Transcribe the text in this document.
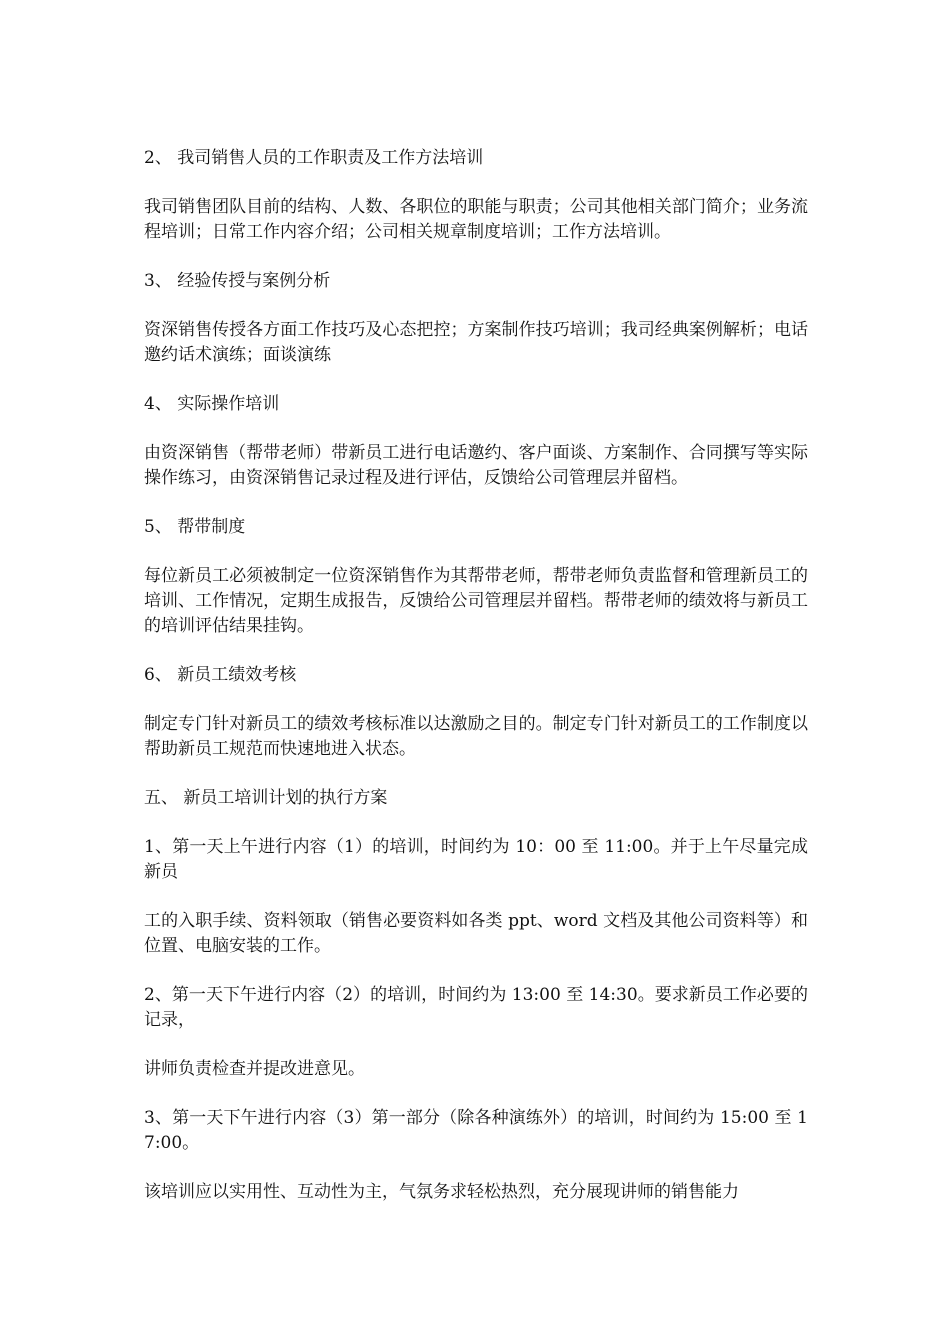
2、 我司销售人员的工作职责及工作方法培训

我司销售团队目前的结构、人数、各职位的职能与职责；公司其他相关部门简介；业务流程培训；日常工作内容介绍；公司相关规章制度培训；工作方法培训。

3、 经验传授与案例分析

资深销售传授各方面工作技巧及心态把控；方案制作技巧培训；我司经典案例解析；电话邀约话术演练；面谈演练

4、 实际操作培训

由资深销售（帮带老师）带新员工进行电话邀约、客户面谈、方案制作、合同撰写等实际操作练习，由资深销售记录过程及进行评估，反馈给公司管理层并留档。

5、 帮带制度

每位新员工必须被制定一位资深销售作为其帮带老师，帮带老师负责监督和管理新员工的培训、工作情况，定期生成报告，反馈给公司管理层并留档。帮带老师的绩效将与新员工的培训评估结果挂钩。

6、 新员工绩效考核

制定专门针对新员工的绩效考核标准以达激励之目的。制定专门针对新员工的工作制度以帮助新员工规范而快速地进入状态。

五、 新员工培训计划的执行方案

1、第一天上午进行内容（1）的培训，时间约为 10：00 至 11:00。并于上午尽量完成新员

工的入职手续、资料领取（销售必要资料如各类 ppt、word 文档及其他公司资料等）和位置、电脑安装的工作。

2、第一天下午进行内容（2）的培训，时间约为 13:00 至 14:30。要求新员工作必要的记录，

讲师负责检查并提改进意见。

3、第一天下午进行内容（3）第一部分（除各种演练外）的培训，时间约为 15:00 至 17:00。

该培训应以实用性、互动性为主，气氛务求轻松热烈，充分展现讲师的销售能力
